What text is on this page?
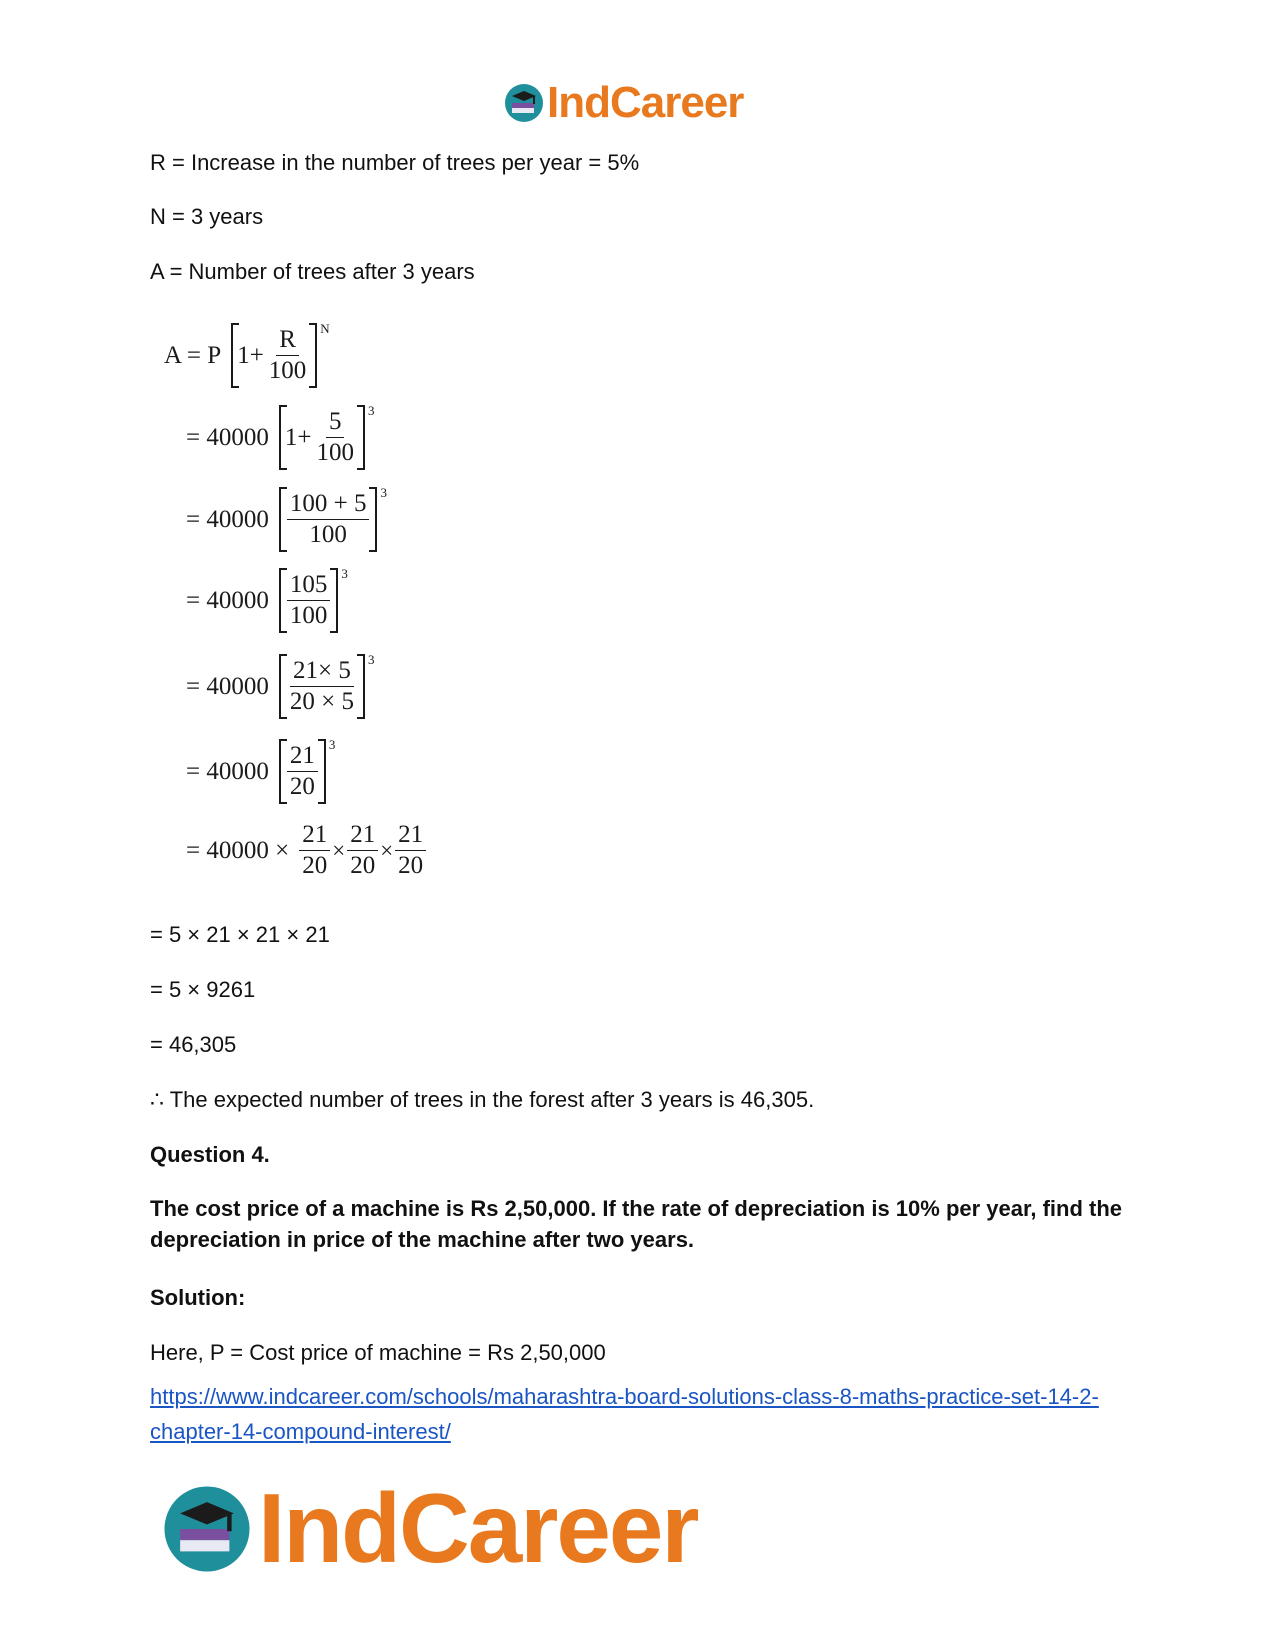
IndCareer
R = Increase in the number of trees per year = 5%
N = 3 years
A = Number of trees after 3 years
A = P $1+ \frac{R}{100}$ N
= 40000 $1+ \frac{5}{100} 3$
= $40000 \frac{100 + 5}{100} 3$
= $40000 \frac{105}{100} 3$
= $40000 \frac{21\times 5}{20 \times 5} 3$
= $40000 \frac{21}{20} 3$
= $40000 \times \frac{21}{20} \times \frac{21}{20} \times \frac{21}{20}$
= 5 × 21 × 21 × 21
= 5 × 9261
= 46,305
∴ The expected number of trees in the forest after 3 years is 46,305.
Question 4.
The cost price of a machine is Rs 2,50,000. If the rate of depreciation is 10% per year, find the depreciation in price of the machine after two years.
Solution:
Here, P = Cost price of machine = Rs 2,50,000
https://www.indcareer.com/schools/maharashtra-board-solutions-class-8-maths-practice-set-14-2-chapter-14-compound-interest/
IndCareer
